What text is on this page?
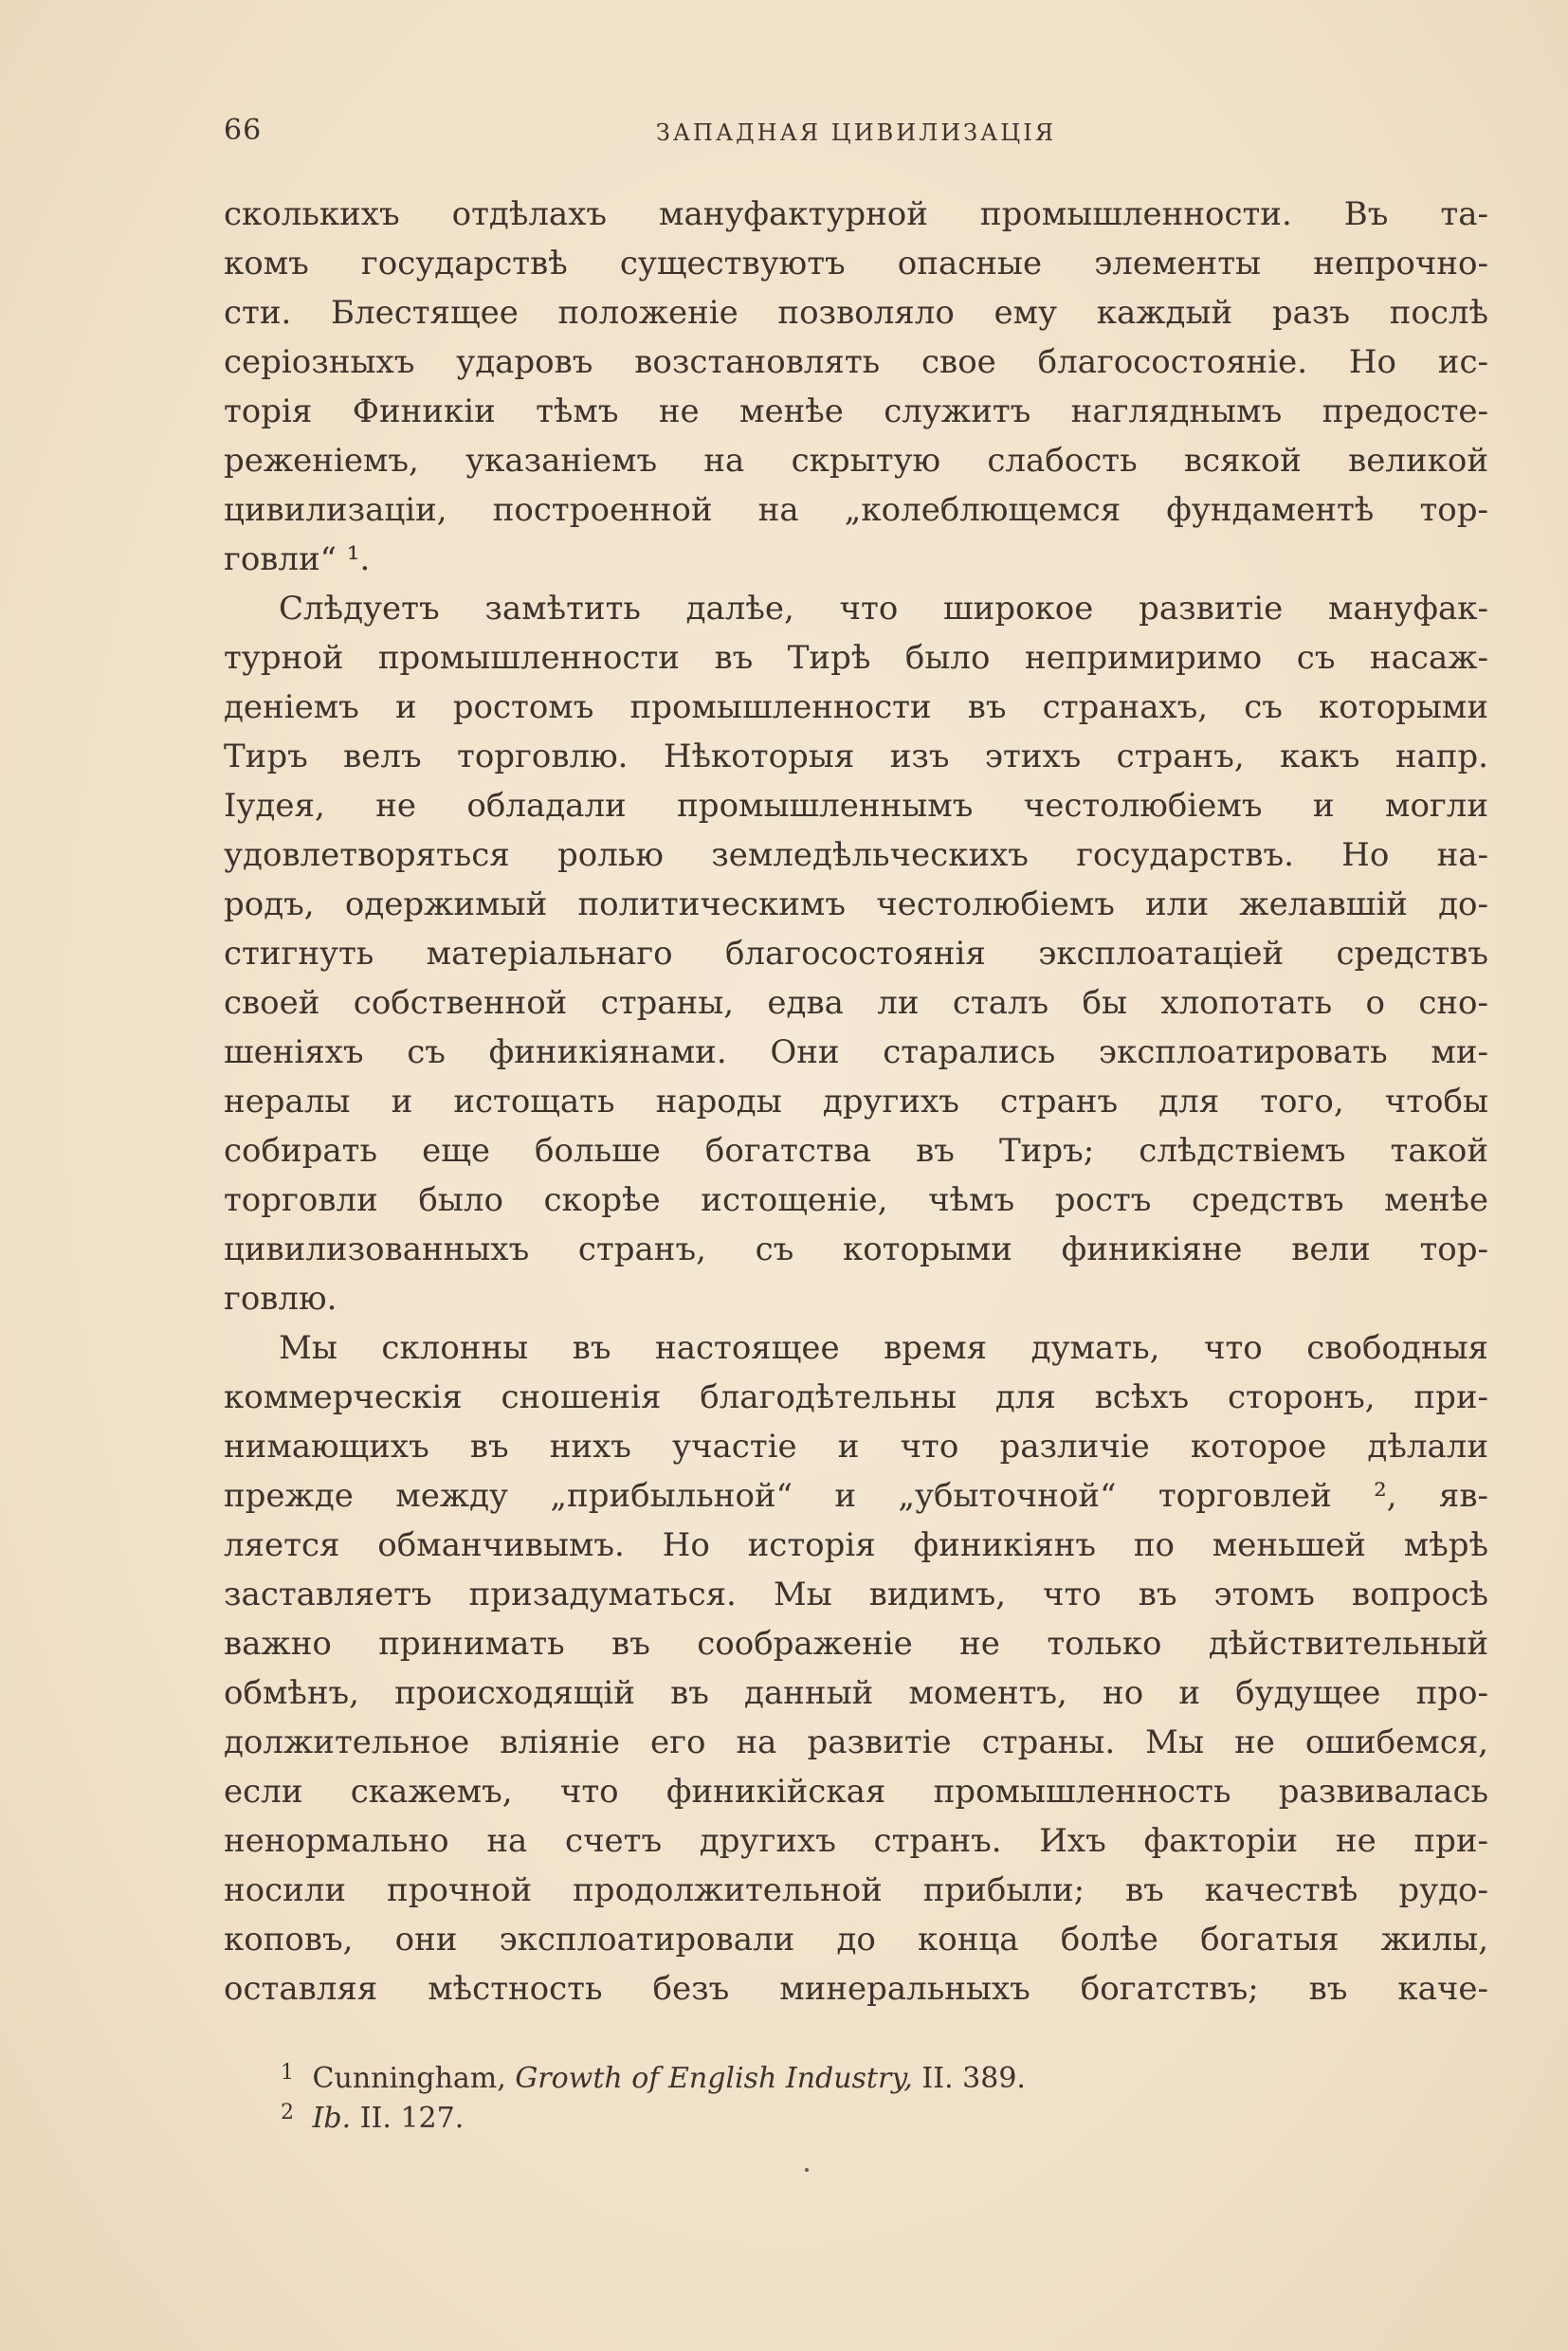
66	ЗАПАДНАЯ ЦИВИЛИЗАЦІЯ
сколькихъ отдѣлахъ мануфактурной промышленности. Въ та-
комъ государствѣ существуютъ опасные элементы непрочно-
сти. Блестящее положеніе позволяло ему каждый разъ послѣ
серіозныхъ ударовъ возстановлять свое благосостояніе. Но ис-
торія Финикіи тѣмъ не менѣе служитъ нагляднымъ предосте-
реженіемъ, указаніемъ на скрытую слабость всякой великой
цивилизаціи, построенной на „колеблющемся фундаментѣ тор-
говли“ ¹.
Слѣдуетъ замѣтить далѣе, что широкое развитіе мануфак-
турной промышленности въ Тирѣ было непримиримо съ насаж-
деніемъ и ростомъ промышленности въ странахъ, съ которыми
Тиръ велъ торговлю. Нѣкоторыя изъ этихъ странъ, какъ напр.
Іудея, не обладали промышленнымъ честолюбіемъ и могли
удовлетворяться ролью земледѣльческихъ государствъ. Но на-
родъ, одержимый политическимъ честолюбіемъ или желавшій до-
стигнуть матеріальнаго благосостоянія эксплоатаціей средствъ
своей собственной страны, едва ли сталъ бы хлопотать о сно-
шеніяхъ съ финикіянами. Они старались эксплоатировать ми-
нералы и истощать народы другихъ странъ для того, чтобы
собирать еще больше богатства въ Тиръ; слѣдствіемъ такой
торговли было скорѣе истощеніе, чѣмъ ростъ средствъ менѣе
цивилизованныхъ странъ, съ которыми финикіяне вели тор-
говлю.
Мы склонны въ настоящее время думать, что свободныя
коммерческія сношенія благодѣтельны для всѣхъ сторонъ, при-
нимающихъ въ нихъ участіе и что различіе которое дѣлали
прежде между „прибыльной“ и „убыточной“ торговлей ², яв-
ляется обманчивымъ. Но исторія финикіянъ по меньшей мѣрѣ
заставляетъ призадуматься. Мы видимъ, что въ этомъ вопросѣ
важно принимать въ соображеніе не только дѣйствительный
обмѣнъ, происходящій въ данный моментъ, но и будущее про-
должительное вліяніе его на развитіе страны. Мы не ошибемся,
если скажемъ, что финикійская промышленность развивалась
ненормально на счетъ другихъ странъ. Ихъ факторіи не при-
носили прочной продолжительной прибыли; въ качествѣ рудо-
коповъ, они эксплоатировали до конца болѣе богатыя жилы,
оставляя мѣстность безъ минеральныхъ богатствъ; въ каче-
1 Cunningham, Growth of English Industry, II. 389.
2 Ib. II. 127.
